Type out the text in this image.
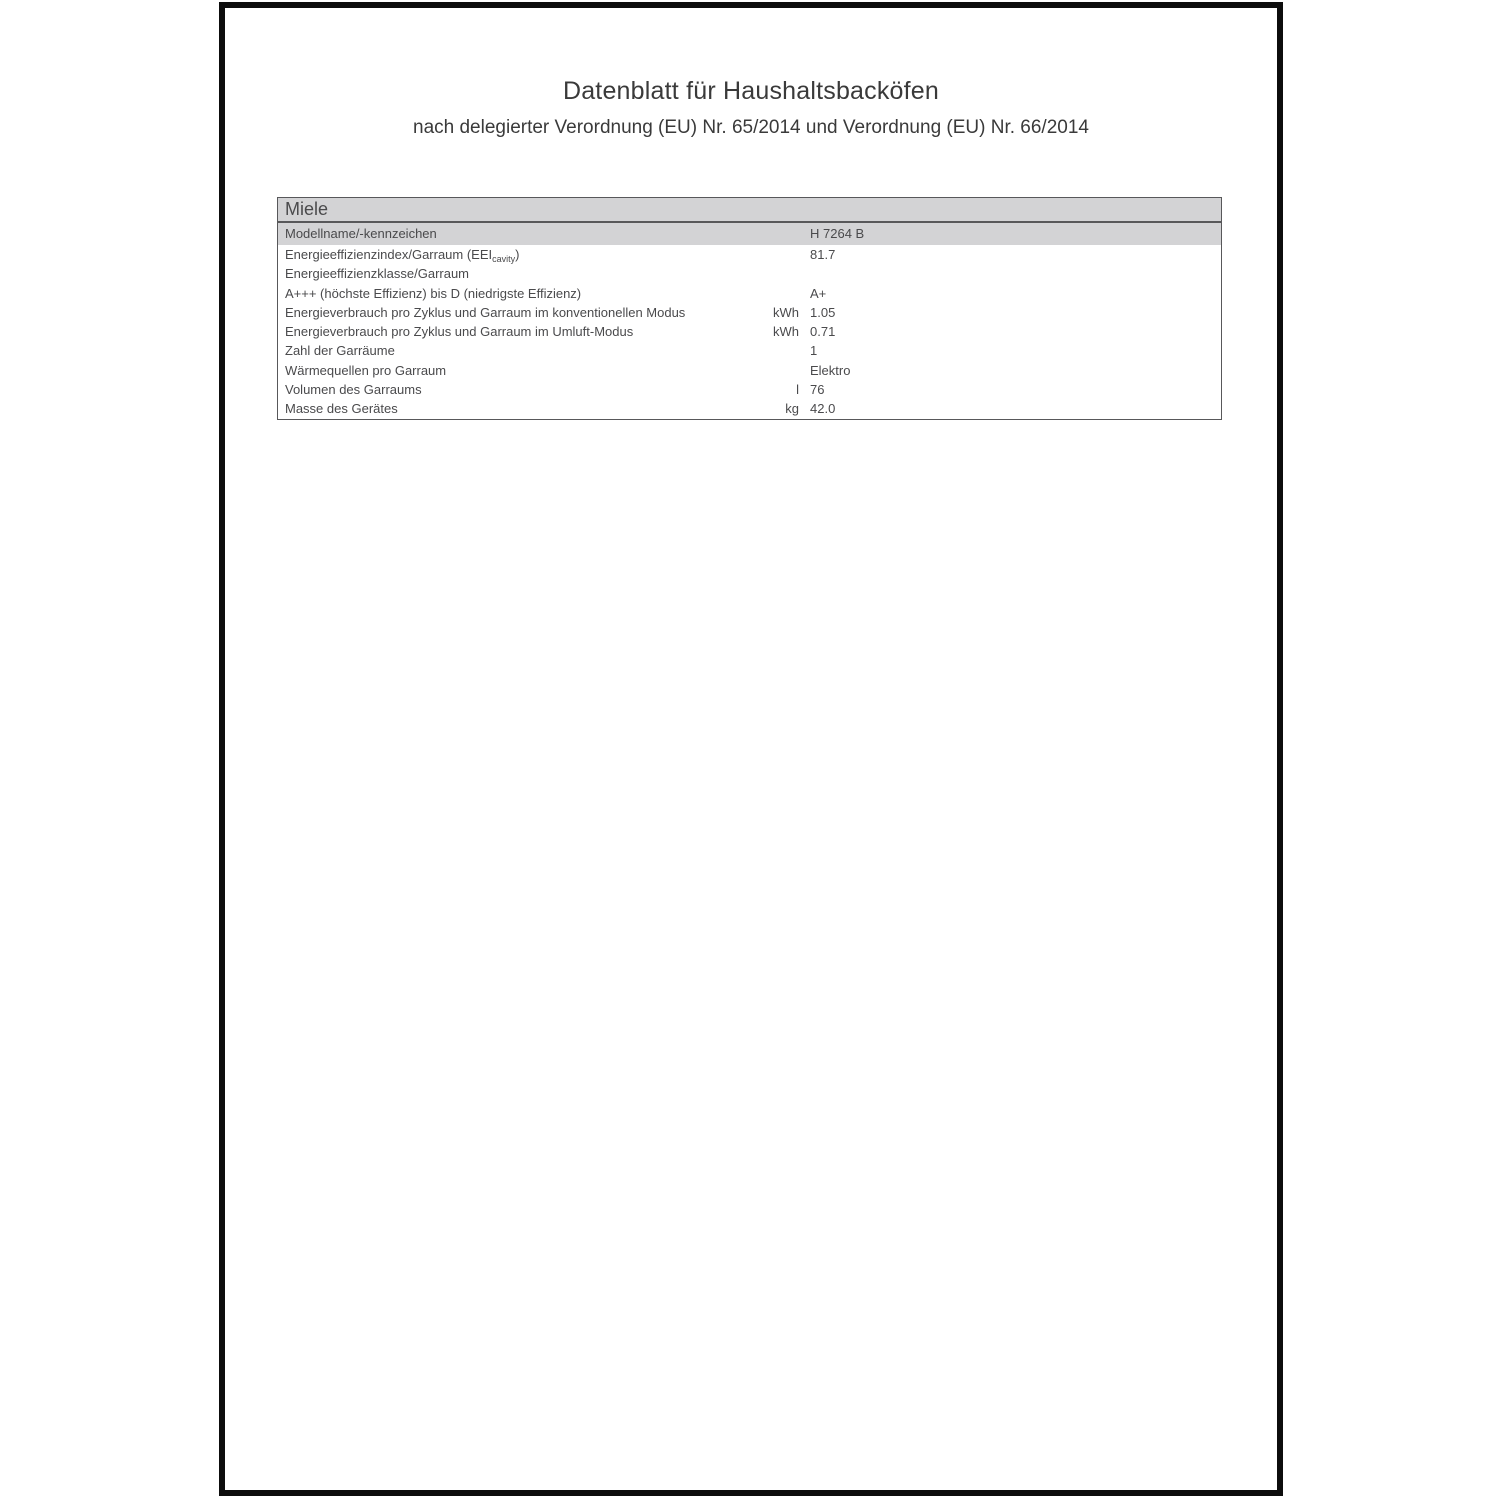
Datenblatt für Haushaltsbacköfen
nach delegierter Verordnung (EU) Nr. 65/2014 und Verordnung (EU) Nr. 66/2014
Miele
Modellname/-kennzeichen	H 7264 B
Energieeffizienzindex/Garraum $(EEI_{cavity})$	81.7
Energieeffizienzklasse/Garraum
A+++ (höchste Effizienz) bis D (niedrigste Effizienz)	A+
Energieverbrauch pro Zyklus und Garraum im konventionellen Modus	kWh 1.05
Energieverbrauch pro Zyklus und Garraum im Umluft-Modus	kWh 0.71
Zahl der Garräume	1
Wärmequellen pro Garraum	Elektro
Volumen des Garraums	l 76
Masse des Gerätes	kg 42.0
